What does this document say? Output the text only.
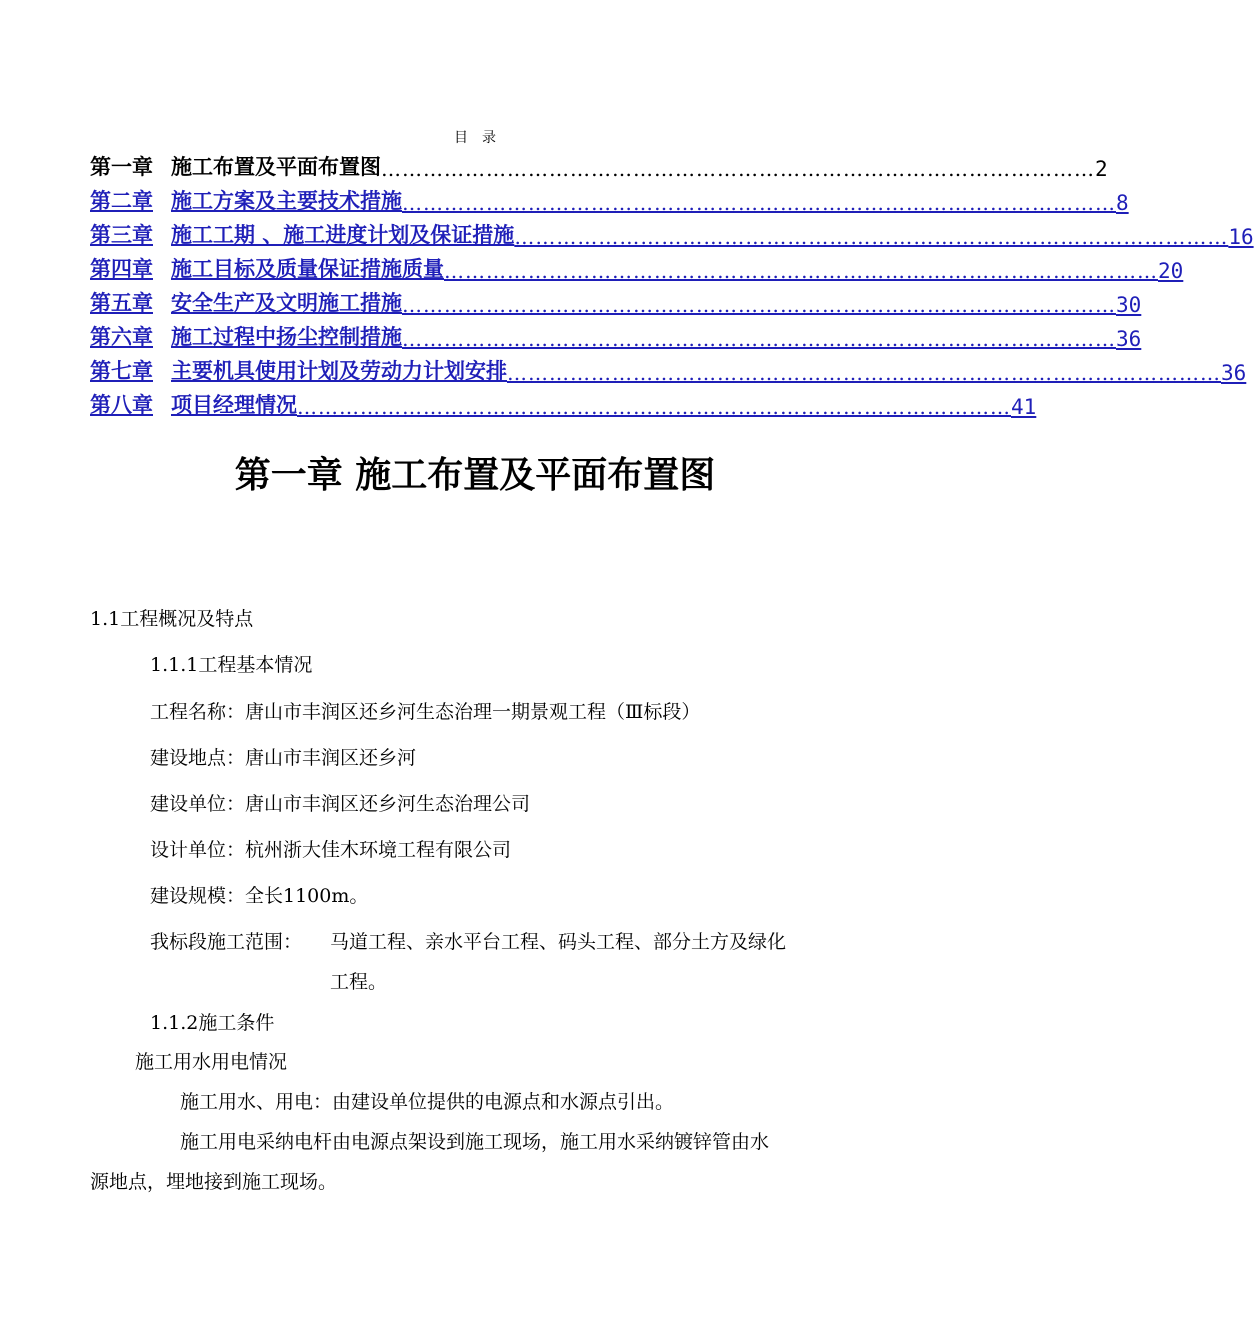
目录
第一章 施工布置及平面布置图 ………………………………………………………………………………………… 2
第二章 施工方案及主要技术措施 ………………………………………………………………………………………… 8
第三章 施工工期 、施工进度计划及保证措施 ………………………………………………………………………………………… 16
第四章 施工目标及质量保证措施质量 ………………………………………………………………………………………… 20
第五章 安全生产及文明施工措施 ………………………………………………………………………………………… 30
第六章 施工过程中扬尘控制措施 ………………………………………………………………………………………… 36
第七章 主要机具使用计划及劳动力计划安排 ………………………………………………………………………………………… 36
第八章 项目经理情况 ………………………………………………………………………………………… 41
第一章 施工布置及平面布置图
1.1工程概况及特点
1.1.1工程基本情况
工程名称：唐山市丰润区还乡河生态治理一期景观工程（Ⅲ标段）
建设地点：唐山市丰润区还乡河
建设单位：唐山市丰润区还乡河生态治理公司
设计单位：杭州浙大佳木环境工程有限公司
建设规模：全长1100m。
我标段施工范围： 马道工程、亲水平台工程、码头工程、部分土方及绿化
工程。
1.1.2施工条件
施工用水用电情况
施工用水、用电：由建设单位提供的电源点和水源点引出。
施工用电采纳电杆由电源点架设到施工现场，施工用水采纳镀锌管由水
源地点，埋地接到施工现场。
